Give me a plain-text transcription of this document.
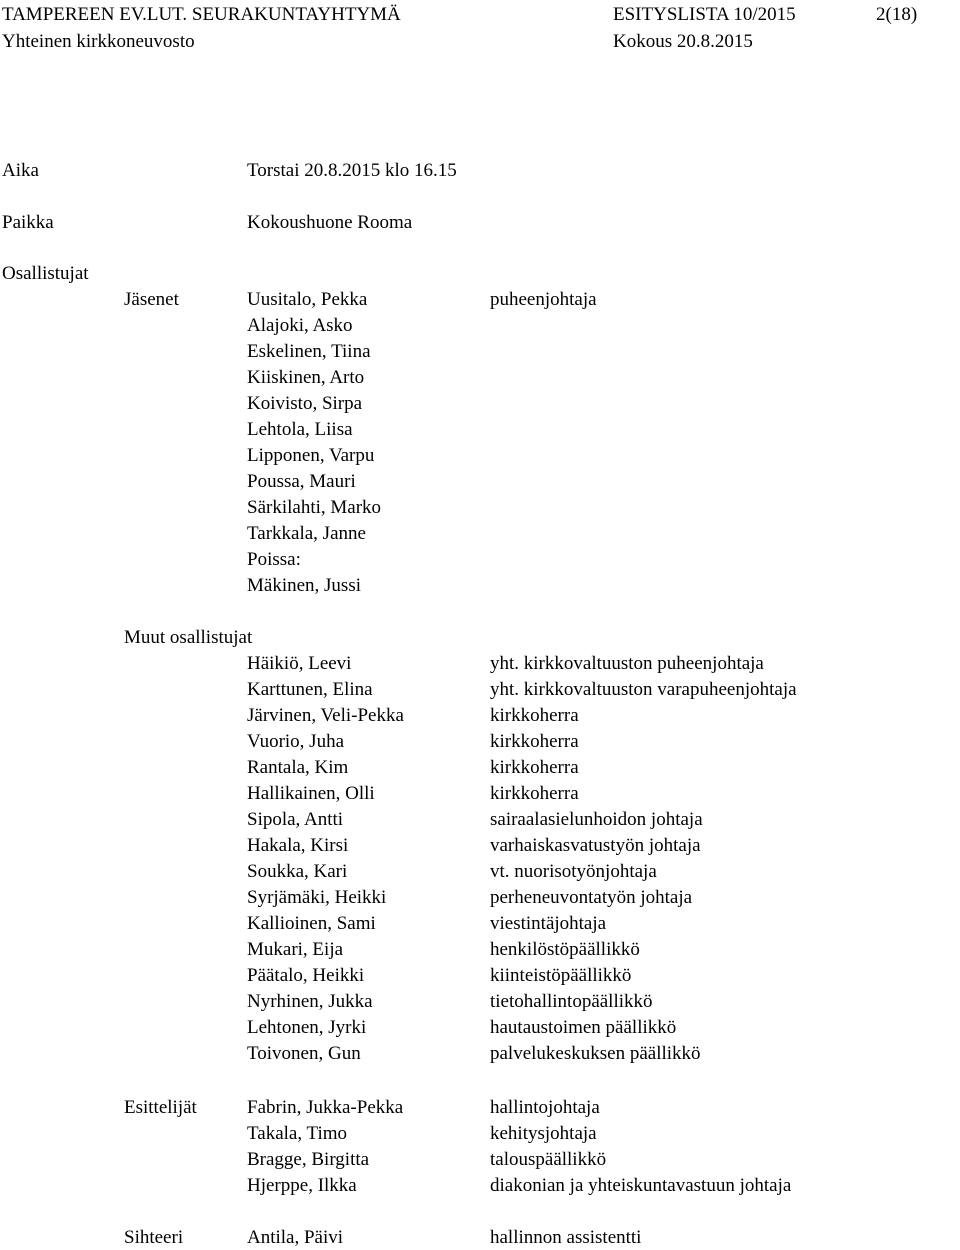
TAMPEREEN EV.LUT. SEURAKUNTAYHTYMÄ	ESITYSLISTA 10/2015	2(18)
Yhteinen kirkkoneuvosto	Kokous 20.8.2015
Aika	Torstai 20.8.2015 klo 16.15
Paikka	Kokoushuone Rooma
Osallistujat
Jäsenet	Uusitalo, Pekka	puheenjohtaja
Alajoki, Asko
Eskelinen, Tiina
Kiiskinen, Arto
Koivisto, Sirpa
Lehtola, Liisa
Lipponen, Varpu
Poussa, Mauri
Särkilahti, Marko
Tarkkala, Janne
Poissa:
Mäkinen, Jussi
Muut osallistujat
Häikiö, Leevi	yht. kirkkovaltuuston puheenjohtaja
Karttunen, Elina	yht. kirkkovaltuuston varapuheenjohtaja
Järvinen, Veli-Pekka	kirkkoherra
Vuorio, Juha	kirkkoherra
Rantala, Kim	kirkkoherra
Hallikainen, Olli	kirkkoherra
Sipola, Antti	sairaalasielunhoidon johtaja
Hakala, Kirsi	varhaiskasvatustyön johtaja
Soukka, Kari	vt. nuorisotyönjohtaja
Syrjämäki, Heikki	perheneuvontatyön johtaja
Kallioinen, Sami	viestintäjohtaja
Mukari, Eija	henkilöstöpäällikkö
Päätalo, Heikki	kiinteistöpäällikkö
Nyrhinen, Jukka	tietohallintopäällikkö
Lehtonen, Jyrki	hautaustoimen päällikkö
Toivonen, Gun	palvelukeskuksen päällikkö
Esittelijät	Fabrin, Jukka-Pekka	hallintojohtaja
Takala, Timo	kehitysjohtaja
Bragge, Birgitta	talouspäällikkö
Hjerppe, Ilkka	diakonian ja yhteiskuntavastuun johtaja
Sihteeri	Antila, Päivi	hallinnon assistentti
